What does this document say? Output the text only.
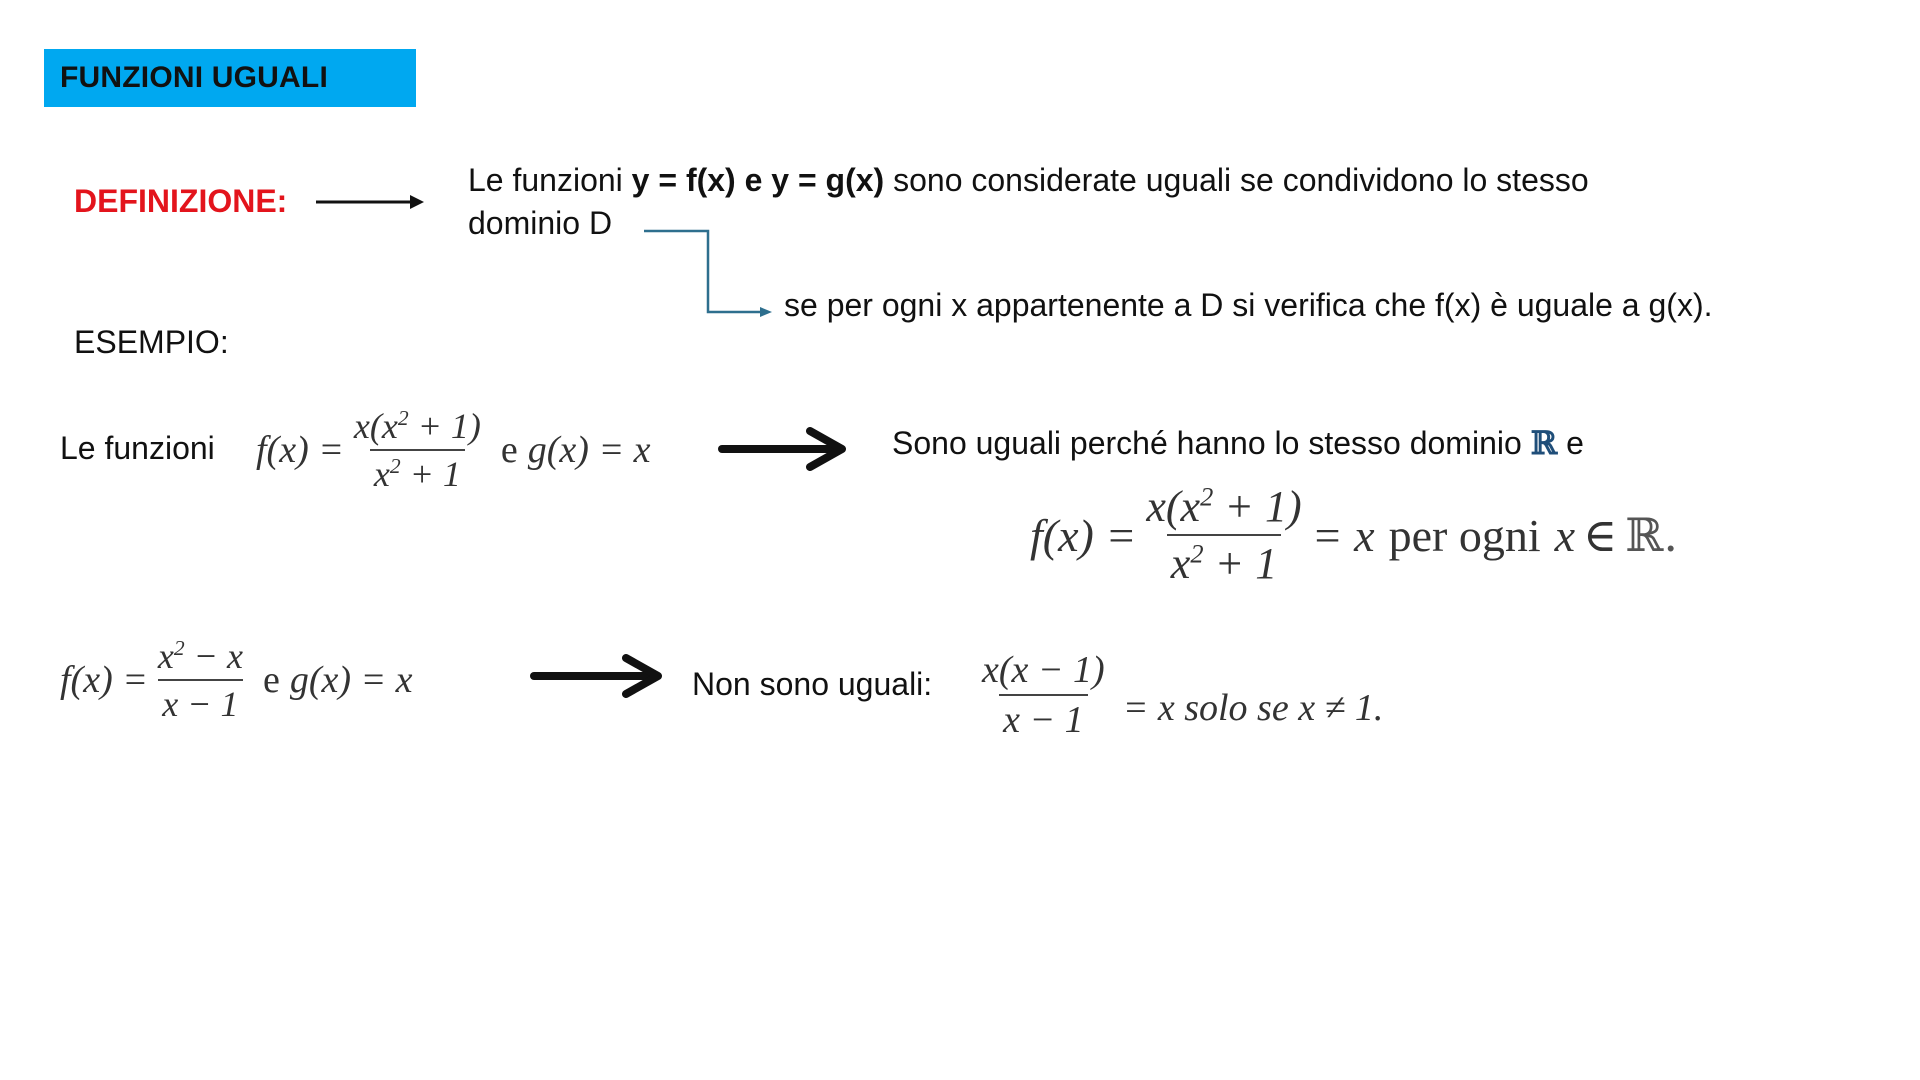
FUNZIONI UGUALI
DEFINIZIONE:
Le funzioni y = f(x) e y = g(x) sono considerate uguali se condividono lo stesso
dominio D
se per ogni x appartenente a D si verifica che f(x) è uguale a g(x).
ESEMPIO:
Le funzioni $f(x) = \frac{x(x^2 + 1)}{x^2 + 1}$ e g(x) = x	Sono uguali perché hanno lo stesso dominio ℝ e
$f(x) = \frac{x(x^2 + 1)}{x^2 + 1} = x$ per ogni x ∈ ℝ.
$f(x) = \frac{x^2 - x}{x - 1}$ e g(x) = x	Non sono uguali: $\frac{x(x - 1)}{x - 1} = x$ solo se x ≠ 1.
